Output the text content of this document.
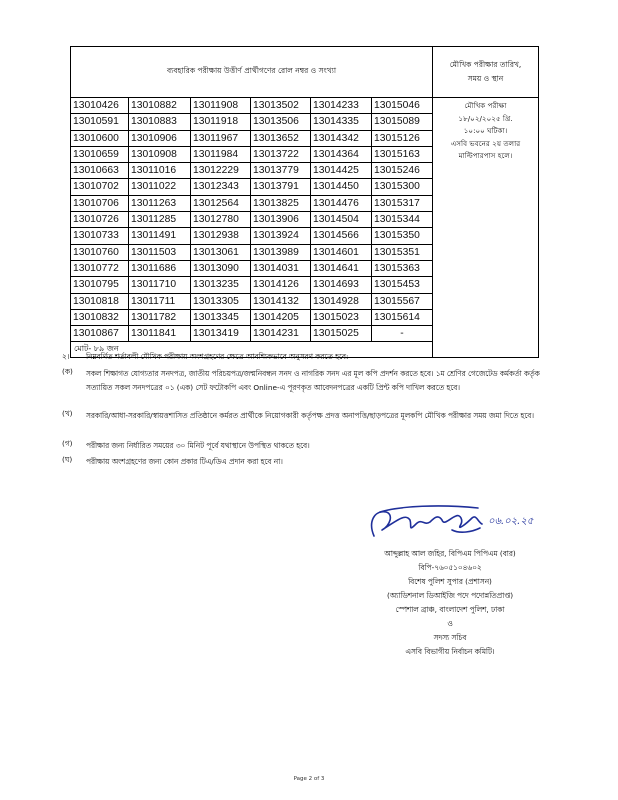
ব্যবহারিক পরীক্ষায় উত্তীর্ণ প্রার্থীগণের রোল নম্বর ও সংখ্যা						মৌখিক পরীক্ষার তারিখ,
সময় ও স্থান
13010426	13010882	13011908	13013502	13014233	13015046	মৌখিক পরীক্ষা
১৮/০২/২০২৫ খ্রি.
১০:০০ ঘটিকা।
এসবি ভবনের ২য় তলার
মাল্টিপারপাস হলে।

13010591	13010883	13011918	13013506	13014335	13015089	
13010600	13010906	13011967	13013652	13014342	13015126	
13010659	13010908	13011984	13013722	13014364	13015163	
13010663	13011016	13012229	13013779	13014425	13015246	
13010702	13011022	13012343	13013791	13014450	13015300	
13010706	13011263	13012564	13013825	13014476	13015317	
13010726	13011285	13012780	13013906	13014504	13015344	
13010733	13011491	13012938	13013924	13014566	13015350	
13010760	13011503	13013061	13013989	13014601	13015351	
13010772	13011686	13013090	13014031	13014641	13015363	
13010795	13011710	13013235	13014126	13014693	13015453	
13010818	13011711	13013305	13014132	13014928	13015567	
13010832	13011782	13013345	13014205	13015023	13015614	
13010867	13011841	13013419	13014231	13015025	-	
মোট- ৮৯ জন						
২। নিম্নবর্ণিত শর্তাবলী মৌখিক পরীক্ষায় অংশগ্রহণের ক্ষেত্রে আবশ্যিকভাবে অনুসরণ করতে হবে:
(ক) সকল শিক্ষাগত যোগ্যতার সনদপত্র, জাতীয় পরিচয়পত্র/জন্মনিবন্ধন সনদ ও নাগরিক সনদ এর মূল কপি প্রদর্শন করতে হবে। ১ম শ্রেণির গেজেটেড কর্মকর্তা কর্তৃক সত্যায়িত সকল সনদপত্রের ০১ (এক) সেট ফটোকপি এবং Online-এ পূরণকৃত আবেদনপত্রের একটি প্রিন্ট কপি দাখিল করতে হবে।
(খ) সরকারি/আধা-সরকারি/স্বায়ত্তশাসিত প্রতিষ্ঠানে কর্মরত প্রার্থীকে নিয়োগকারী কর্তৃপক্ষ প্রদত্ত অনাপত্তি/ছাড়পত্রের মূলকপি মৌখিক পরীক্ষার সময় জমা দিতে হবে।
(গ) পরীক্ষার জন্য নির্ধারিত সময়ের ৩০ মিনিট পূর্বে যথাস্থানে উপস্থিত থাকতে হবে।
(ঘ) পরীক্ষায় অংশগ্রহণের জন্য কোন প্রকার টিএ/ডিএ প্রদান করা হবে না।
০৬.০২.২৫
আব্দুল্লাহ আল জহির, বিপিএম পিপিএম (বার)
বিপি-৭৬০৫১০৪৬০২
বিশেষ পুলিশ সুপার (প্রশাসন)
(অ্যাডিশনাল ডিআইজি পদে পদোন্নতিপ্রাপ্ত)
স্পেশাল ব্রাঞ্চ, বাংলাদেশ পুলিশ, ঢাকা
ও
সদস্য সচিব
এসবি বিভাগীয় নির্বাচন কমিটি।
Page 2 of 3
